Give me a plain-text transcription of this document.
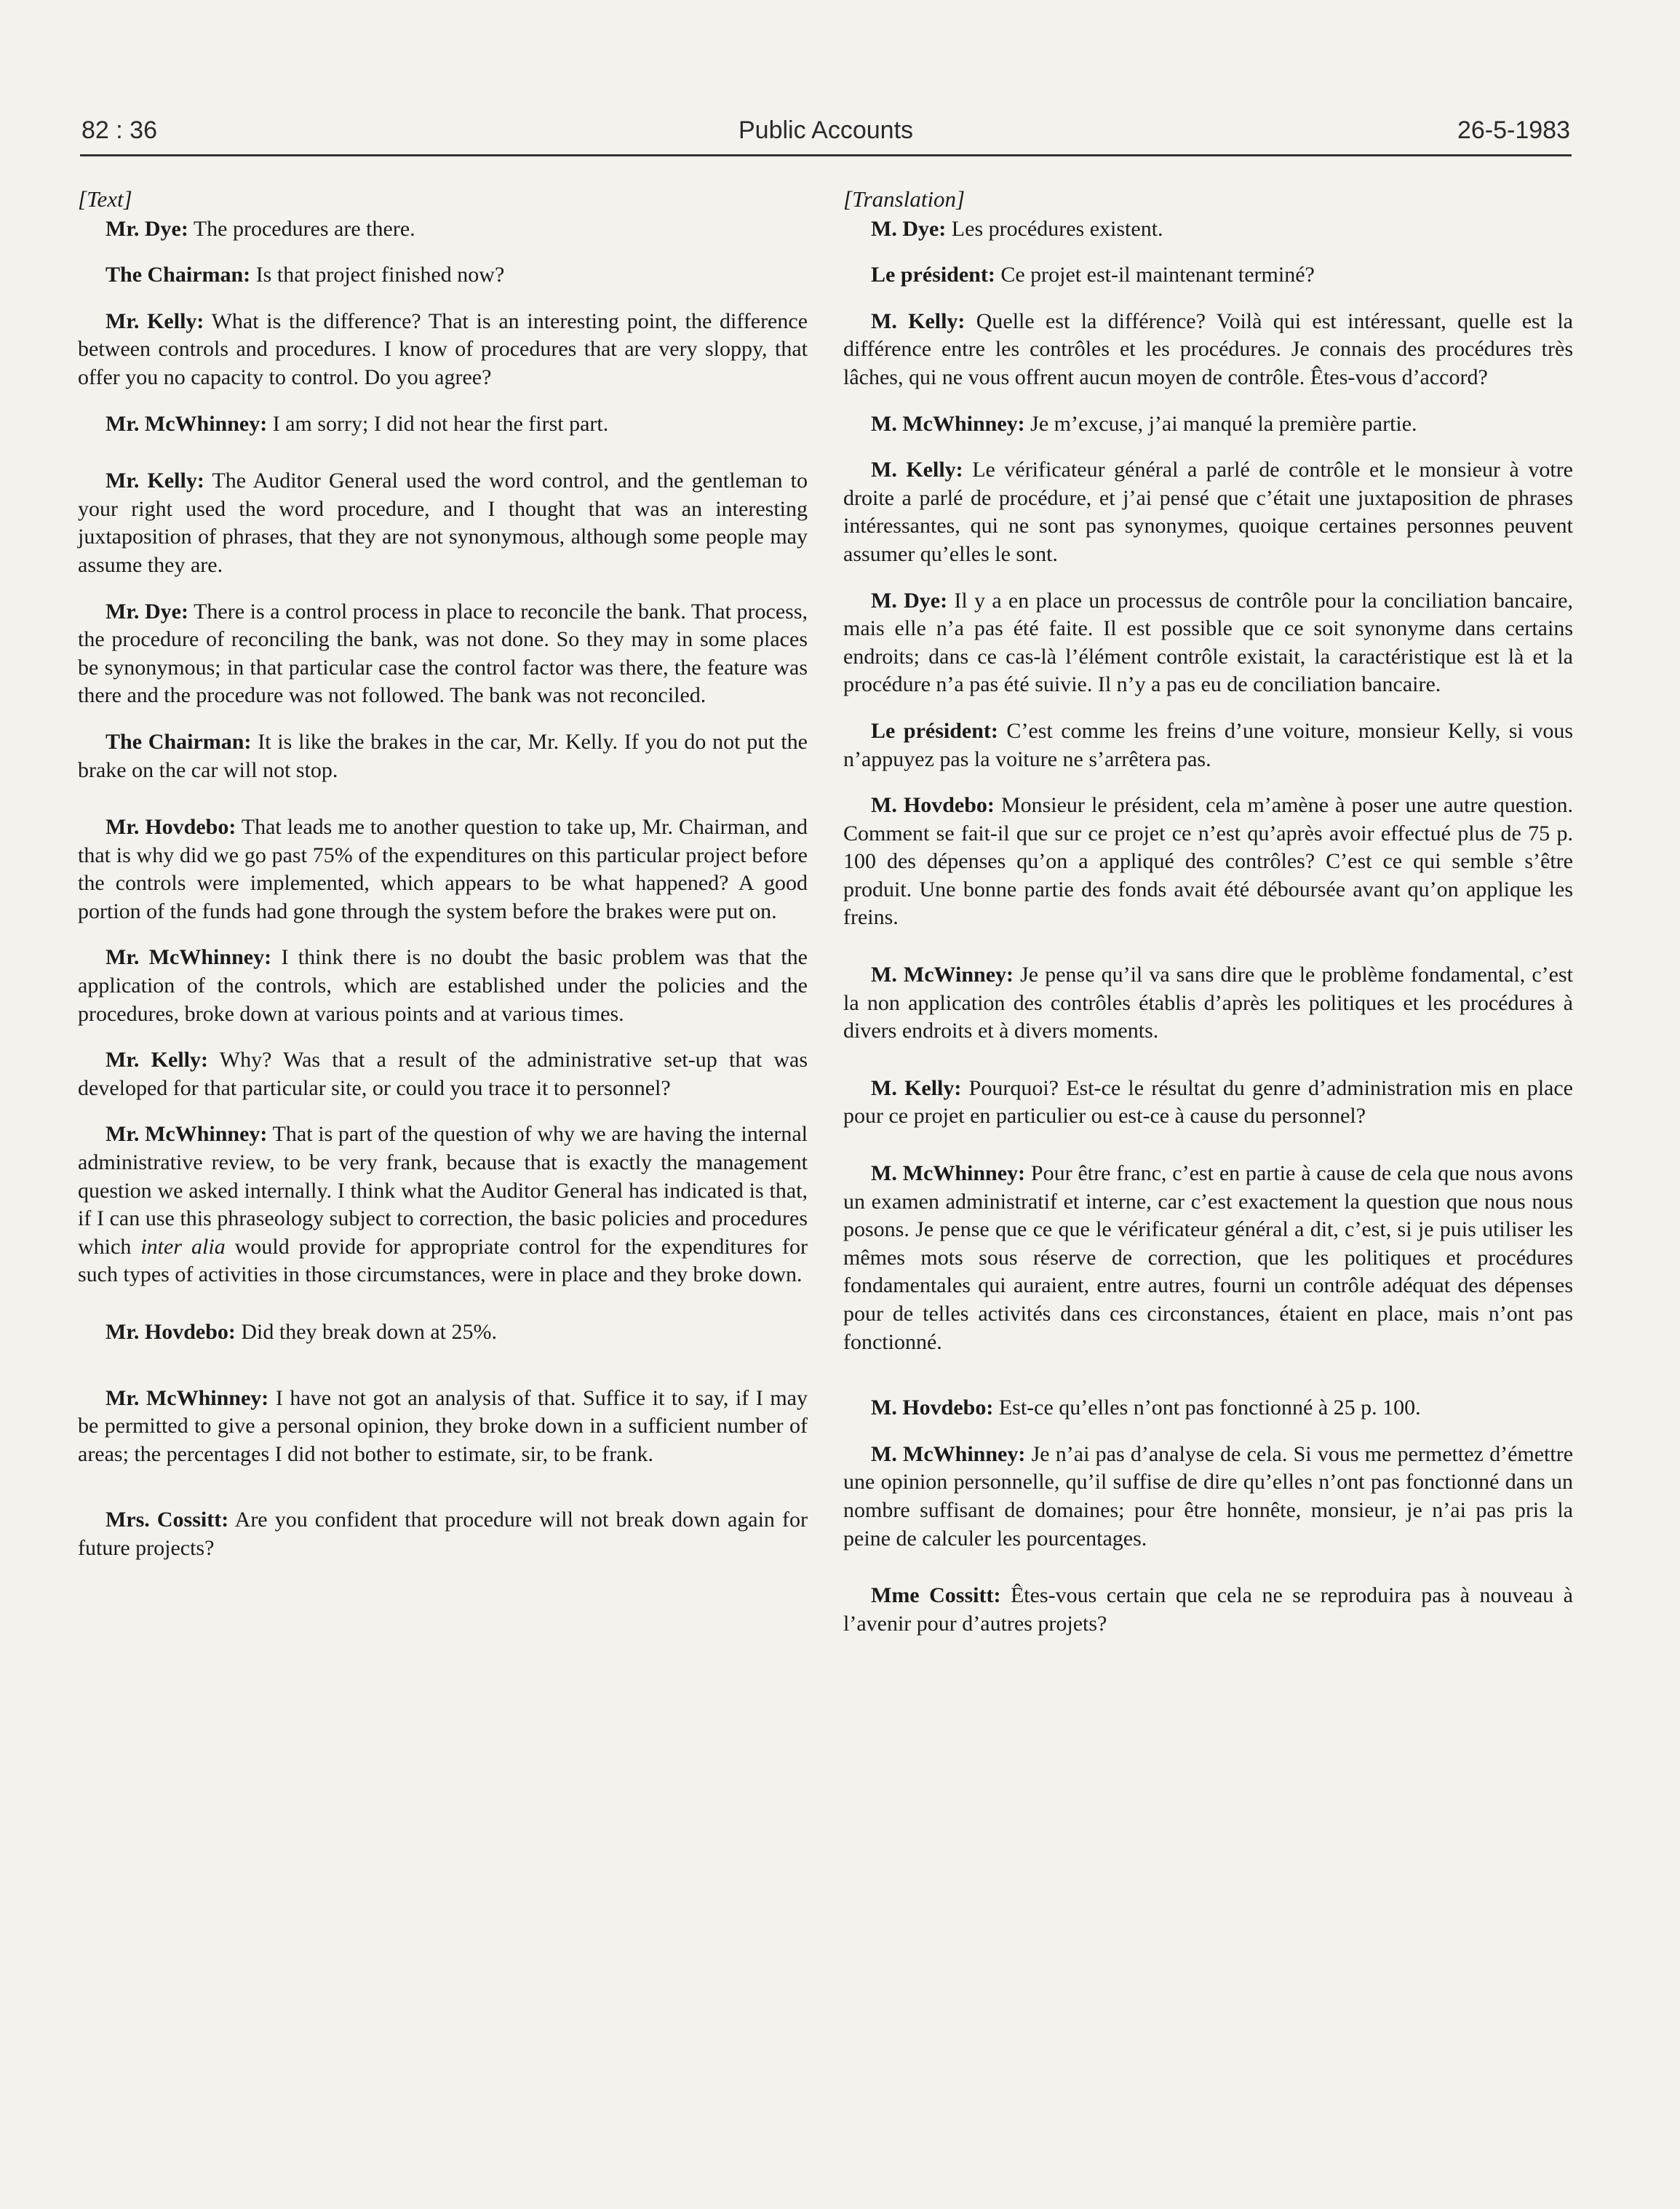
82 : 36	Public Accounts	26-5-1983
[Text]

Mr. Dye: The procedures are there.

The Chairman: Is that project finished now?

Mr. Kelly: What is the difference? That is an interesting point, the difference between controls and procedures. I know of procedures that are very sloppy, that offer you no capacity to control. Do you agree?

Mr. McWhinney: I am sorry; I did not hear the first part.

Mr. Kelly: The Auditor General used the word control, and the gentleman to your right used the word procedure, and I thought that was an interesting juxtaposition of phrases, that they are not synonymous, although some people may assume they are.

Mr. Dye: There is a control process in place to reconcile the bank. That process, the procedure of reconciling the bank, was not done. So they may in some places be synonymous; in that particular case the control factor was there, the feature was there and the procedure was not followed. The bank was not reconciled.

The Chairman: It is like the brakes in the car, Mr. Kelly. If you do not put the brake on the car will not stop.

Mr. Hovdebo: That leads me to another question to take up, Mr. Chairman, and that is why did we go past 75% of the expenditures on this particular project before the controls were implemented, which appears to be what happened? A good portion of the funds had gone through the system before the brakes were put on.

Mr. McWhinney: I think there is no doubt the basic problem was that the application of the controls, which are established under the policies and the procedures, broke down at various points and at various times.

Mr. Kelly: Why? Was that a result of the administrative set-up that was developed for that particular site, or could you trace it to personnel?

Mr. McWhinney: That is part of the question of why we are having the internal administrative review, to be very frank, because that is exactly the management question we asked internally. I think what the Auditor General has indicated is that, if I can use this phraseology subject to correction, the basic policies and procedures which inter alia would provide for appropriate control for the expenditures for such types of activities in those circumstances, were in place and they broke down.

Mr. Hovdebo: Did they break down at 25%.

Mr. McWhinney: I have not got an analysis of that. Suffice it to say, if I may be permitted to give a personal opinion, they broke down in a sufficient number of areas; the percentages I did not bother to estimate, sir, to be frank.

Mrs. Cossitt: Are you confident that procedure will not break down again for future projects?

[Translation]

M. Dye: Les procédures existent.

Le président: Ce projet est-il maintenant terminé?

M. Kelly: Quelle est la différence? Voilà qui est intéressant, quelle est la différence entre les contrôles et les procédures. Je connais des procédures très lâches, qui ne vous offrent aucun moyen de contrôle. Êtes-vous d’accord?

M. McWhinney: Je m’excuse, j’ai manqué la première partie.

M. Kelly: Le vérificateur général a parlé de contrôle et le monsieur à votre droite a parlé de procédure, et j’ai pensé que c’était une juxtaposition de phrases intéressantes, qui ne sont pas synonymes, quoique certaines personnes peuvent assumer qu’elles le sont.

M. Dye: Il y a en place un processus de contrôle pour la conciliation bancaire, mais elle n’a pas été faite. Il est possible que ce soit synonyme dans certains endroits; dans ce cas-là l’élément contrôle existait, la caractéristique est là et la procédure n’a pas été suivie. Il n’y a pas eu de conciliation bancaire.

Le président: C’est comme les freins d’une voiture, monsieur Kelly, si vous n’appuyez pas la voiture ne s’arrêtera pas.

M. Hovdebo: Monsieur le président, cela m’amène à poser une autre question. Comment se fait-il que sur ce projet ce n’est qu’après avoir effectué plus de 75 p. 100 des dépenses qu’on a appliqué des contrôles? C’est ce qui semble s’être produit. Une bonne partie des fonds avait été déboursée avant qu’on applique les freins.

M. McWinney: Je pense qu’il va sans dire que le problème fondamental, c’est la non application des contrôles établis d’après les politiques et les procédures à divers endroits et à divers moments.

M. Kelly: Pourquoi? Est-ce le résultat du genre d’administration mis en place pour ce projet en particulier ou est-ce à cause du personnel?

M. McWhinney: Pour être franc, c’est en partie à cause de cela que nous avons un examen administratif et interne, car c’est exactement la question que nous nous posons. Je pense que ce que le vérificateur général a dit, c’est, si je puis utiliser les mêmes mots sous réserve de correction, que les politiques et procédures fondamentales qui auraient, entre autres, fourni un contrôle adéquat des dépenses pour de telles activités dans ces circonstances, étaient en place, mais n’ont pas fonctionné.

M. Hovdebo: Est-ce qu’elles n’ont pas fonctionné à 25 p. 100.

M. McWhinney: Je n’ai pas d’analyse de cela. Si vous me permettez d’émettre une opinion personnelle, qu’il suffise de dire qu’elles n’ont pas fonctionné dans un nombre suffisant de domaines; pour être honnête, monsieur, je n’ai pas pris la peine de calculer les pourcentages.

Mme Cossitt: Êtes-vous certain que cela ne se reproduira pas à nouveau à l’avenir pour d’autres projets?
